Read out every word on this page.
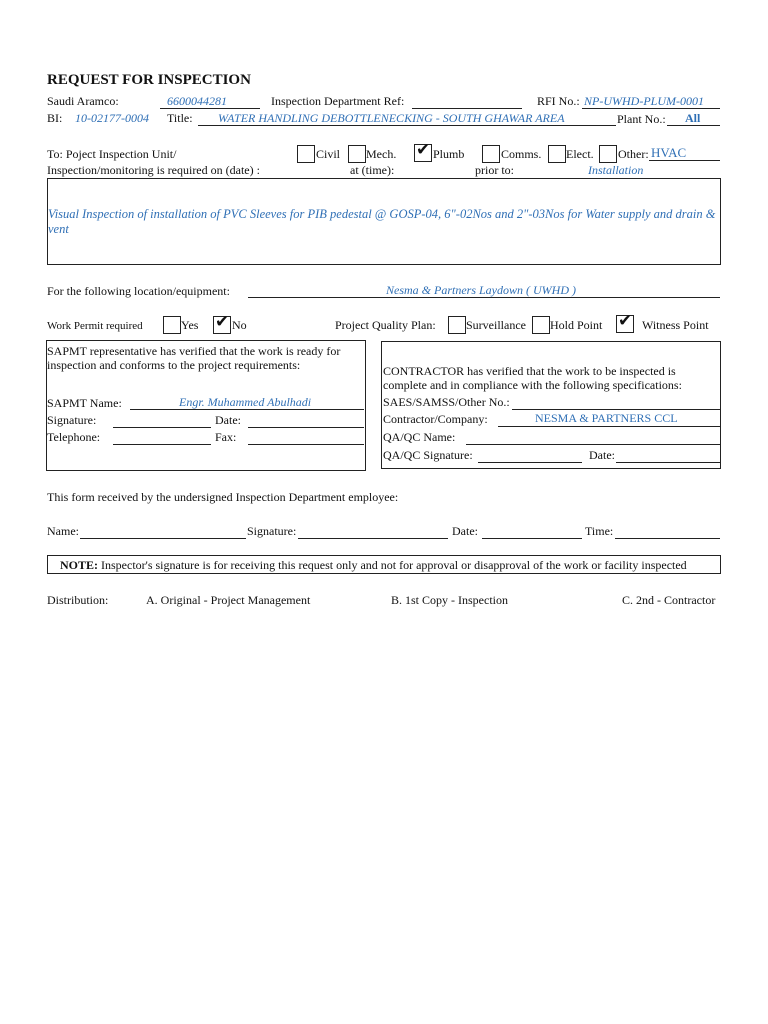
REQUEST FOR INSPECTION
Saudi Aramco:	6600044281	Inspection Department Ref:	RFI No.: NP-UWHD-PLUM-0001
BI: 10-02177-0004 Title: WATER HANDLING DEBOTTLENECKING - SOUTH GHAWAR AREA	Plant No.: All
To: Poject Inspection Unit/	Civil Mech. ✔ Plumb	Comms. Elect. Other: HVAC
Inspection/monitoring is required on (date) :	at (time):	prior to:	Installation
Visual Inspection of installation of PVC Sleeves for PIB pedestal @ GOSP-04, 6"-02Nos and 2"-03Nos for Water supply and drain & vent
For the following location/equipment:	Nesma & Partners Laydown ( UWHD )
Work Permit required	Yes ✔ No	Project Quality Plan:	Surveillance Hold Point ✔ Witness Point
SAPMT representative has verified that the work is ready for inspection and conforms to the project requirements:
SAPMT Name:	Engr. Muhammed Abulhadi
Signature:	Date:
Telephone:	Fax:
CONTRACTOR has verified that the work to be inspected is complete and in compliance with the following specifications:
SAES/SAMSS/Other No.:
Contractor/Company:	NESMA & PARTNERS CCL
QA/QC Name:
QA/QC Signature:	Date:
This form received by the undersigned Inspection Department employee:
Name:	Signature:	Date:	Time:
NOTE: Inspector's signature is for receiving this request only and not for approval or disapproval of the work or facility inspected
Distribution:	A. Original - Project Management	B. 1st Copy - Inspection	C. 2nd - Contractor
